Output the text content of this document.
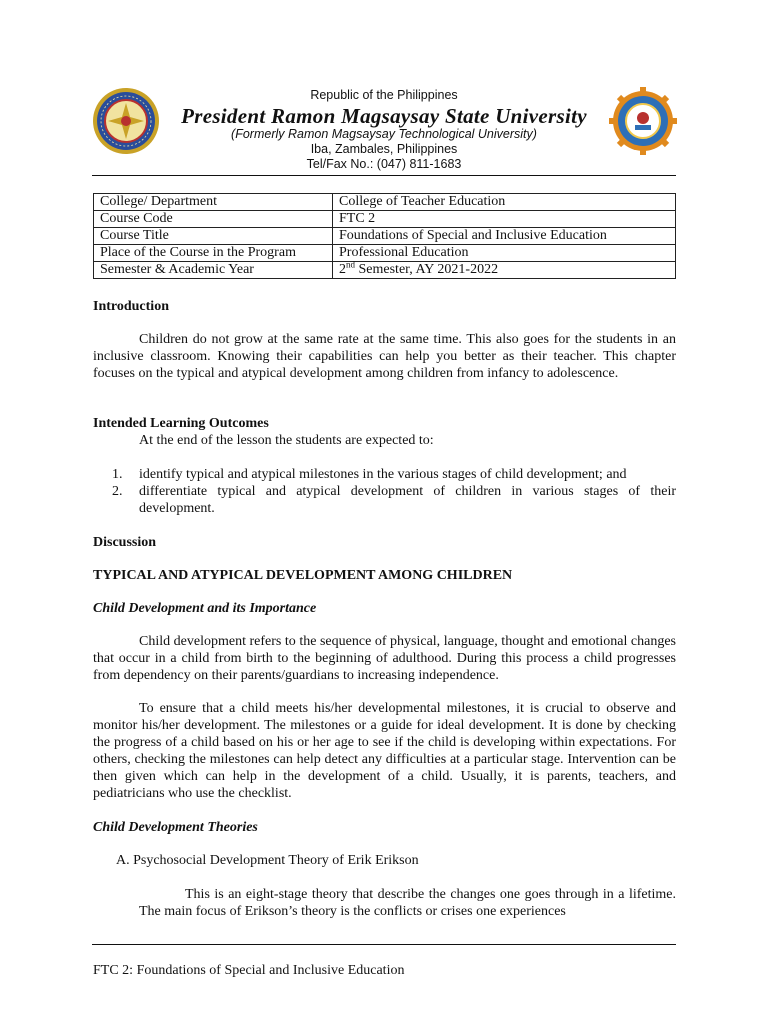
Republic of the Philippines
President Ramon Magsaysay State University
(Formerly Ramon Magsaysay Technological University)
Iba, Zambales, Philippines
Tel/Fax No.: (047) 811-1683
College/ Department	College of Teacher Education
Course Code	FTC 2
Course Title	Foundations of Special and Inclusive Education
Place of the Course in the Program	Professional Education
Semester & Academic Year	2nd Semester, AY 2021-2022
Introduction
Children do not grow at the same rate at the same time. This also goes for the students in an inclusive classroom. Knowing their capabilities can help you better as their teacher. This chapter focuses on the typical and atypical development among children from infancy to adolescence.
Intended Learning Outcomes
At the end of the lesson the students are expected to:
1. identify typical and atypical milestones in the various stages of child development; and
2. differentiate typical and atypical development of children in various stages of their development.
Discussion
TYPICAL AND ATYPICAL DEVELOPMENT AMONG CHILDREN
Child Development and its Importance
Child development refers to the sequence of physical, language, thought and emotional changes that occur in a child from birth to the beginning of adulthood. During this process a child progresses from dependency on their parents/guardians to increasing independence.
To ensure that a child meets his/her developmental milestones, it is crucial to observe and monitor his/her development. The milestones or a guide for ideal development. It is done by checking the progress of a child based on his or her age to see if the child is developing within expectations. For others, checking the milestones can help detect any difficulties at a particular stage. Intervention can be then given which can help in the development of a child. Usually, it is parents, teachers, and pediatricians who use the checklist.
Child Development Theories
A. Psychosocial Development Theory of Erik Erikson
This is an eight-stage theory that describe the changes one goes through in a lifetime. The main focus of Erikson’s theory is the conflicts or crises one experiences
FTC 2: Foundations of Special and Inclusive Education
